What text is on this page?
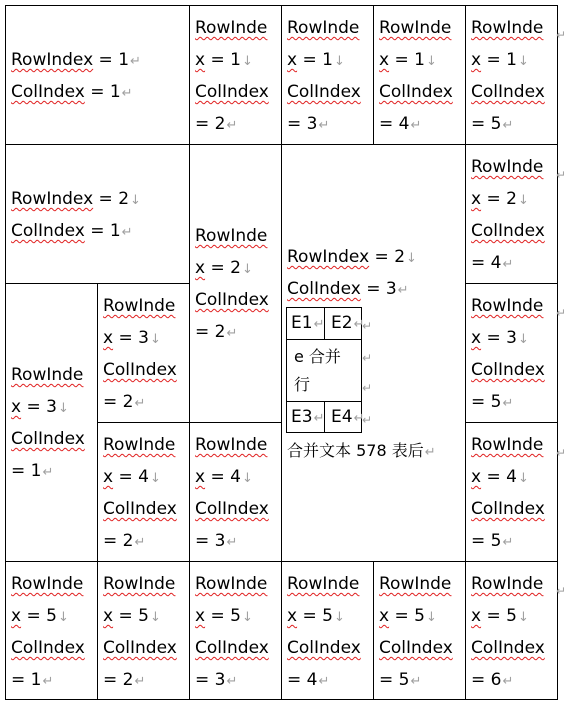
↵
↵
↵
↵
↵
RowIndex = 1↵
ColIndex = 1↵
RowInde
x = 1↓
ColIndex
= 2↵
RowInde
x = 1↓
ColIndex
= 3↵
RowInde
x = 1↓
ColIndex
= 4↵
RowInde
x = 1↓
ColIndex
= 5↵
RowIndex = 2↓
ColIndex = 1↵	RowInde
x = 2↓
ColIndex
= 2↵
RowIndex = 2↓
ColIndex = 3↵
RowInde
x = 2↓
ColIndex
= 4↵
RowInde
x = 3↓
ColIndex
= 1↵
RowInde
x = 3↓
ColIndex
= 2↵
RowInde
x = 3↓
ColIndex
= 5↵
RowInde
x = 4↓
ColIndex
= 2↵
RowInde
x = 4↓
ColIndex
= 3↵
RowInde
x = 4↓
ColIndex
= 5↵
RowInde
x = 5↓
ColIndex
= 1↵
RowInde
x = 5↓
ColIndex
= 2↵
RowInde
x = 5↓
ColIndex
= 3↵
RowInde
x = 5↓
ColIndex
= 4↵
RowInde
x = 5↓
ColIndex
= 5↵
RowInde
x = 5↓
ColIndex
= 6↵
E1↵ E2↵
e 合并
行
E3↵ E4↵
↵
↵
↵
↵
合并文本 578 表后↵
